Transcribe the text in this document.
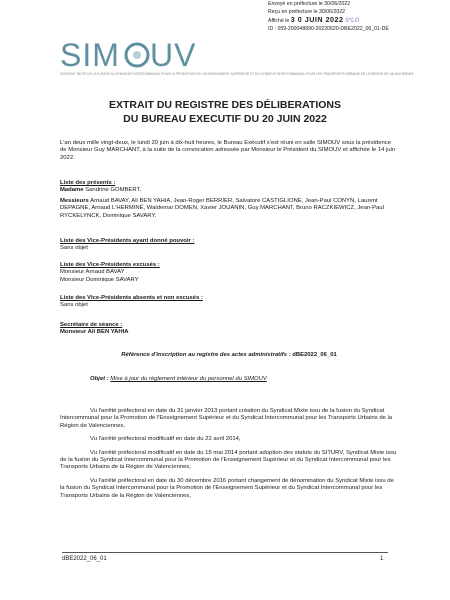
Envoyé en préfecture le 30/06/2022
Reçu en préfecture le 30/06/2022
Affiché le 3 0 JUIN 2022 S²LO
ID : 059-200048890-20220620-DBE2022_06_01-DE
SIM UV
SYNDICAT MIXTE DE LA FUSION DU SYNDICAT INTERCOMMUNAL POUR LA PROMOTION DE L'ENSEIGNEMENT SUPÉRIEUR ET DU SYNDICAT INTERCOMMUNAL POUR LES TRANSPORTS URBAINS DE LA RÉGION DE VALENCIENNES
EXTRAIT DU REGISTRE DES DÉLIBERATIONS
DU BUREAU EXECUTIF DU 20 JUIN 2022

L'an deux mille vingt-deux, le lundi 20 juin à dix-huit heures, le Bureau Exécutif s'est réuni en salle SIMOUV sous la présidence de Monsieur Guy MARCHANT, à la suite de la convocation adressée par Monsieur le Président du SIMOUV et affichée le 14 juin 2022.

Liste des présents :
Madame Sandrine GOMBERT.
Messieurs Arnaud BAVAY, Ali BEN YAHIA, Jean-Roger BERRIER, Salvatore CASTIGLIONE, Jean-Paul CONYN, Laurent DEPAGNE, Arnaud L'HERMINÉ, Waldemar DOMEN, Xavier JOUANIN, Guy MARCHANT, Bruno RACZKIEWICZ, Jean-Paul RYCKELYNCK, Dominique SAVARY.
Liste des Vice-Présidents ayant donné pouvoir :
Sans objet
Liste des Vice-Présidents excusés :
Monsieur Arnaud BAVAY
Monsieur Dominique SAVARY
Liste des Vice-Présidents absents et non excusés :
Sans objet
Secrétaire de séance :
Monsieur Ali BEN YAHIA
Référence d'inscription au registre des actes administratifs : dBE2022_06_01
Objet : Mise à jour du règlement intérieur du personnel du SIMOUV

Vu l'arrêté préfectoral en date du 31 janvier 2013 portant création du Syndicat Mixte issu de la fusion du Syndicat Intercommunal pour la Promotion de l'Enseignement Supérieur et du Syndicat Intercommunal pour les Transports Urbains de la Région de Valenciennes,

Vu l'arrêté préfectoral modificatif en date du 22 avril 2014,

Vu l'arrêté préfectoral modificatif en date du 15 mai 2014 portant adoption des statuts du SITURV, Syndicat Mixte issu de la fusion du Syndicat Intercommunal pour la Promotion de l'Enseignement Supérieur et du Syndicat Intercommunal pour les Transports Urbains de la Région de Valenciennes,

Vu l'arrêté préfectoral en date du 30 décembre 2016 portant changement de dénomination du Syndicat Mixte issu de la fusion du Syndicat Intercommunal pour la Promotion de l'Enseignement Supérieur et du Syndicat Intercommunal pour les Transports Urbains de la Région de Valenciennes,

dBE2022_06_01	1
